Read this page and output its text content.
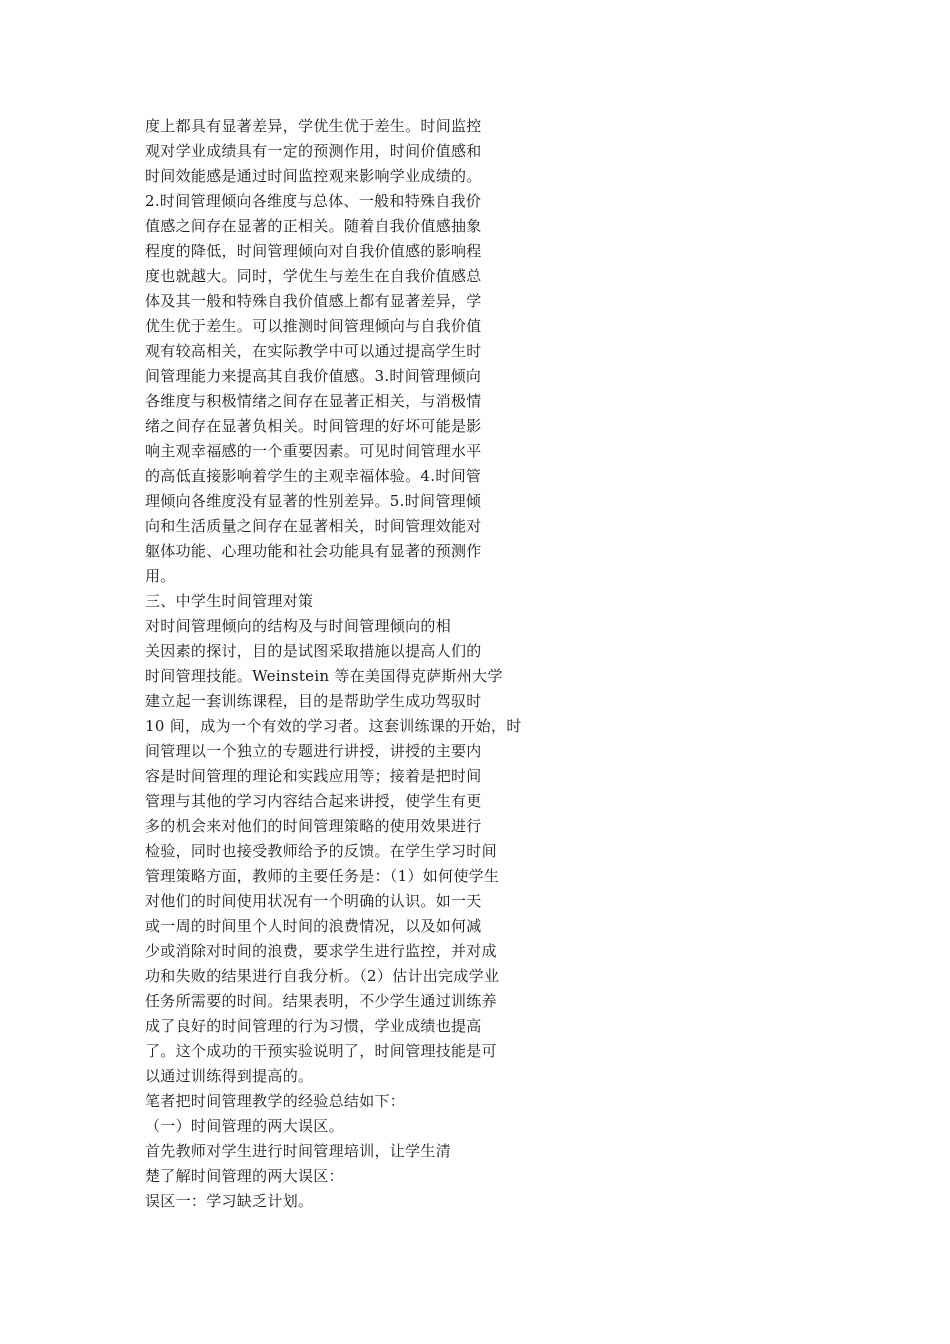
度上都具有显著差异，学优生优于差生。时间监控
观对学业成绩具有一定的预测作用，时间价值感和
时间效能感是通过时间监控观来影响学业成绩的。
2.时间管理倾向各维度与总体、一般和特殊自我价
值感之间存在显著的正相关。随着自我价值感抽象
程度的降低，时间管理倾向对自我价值感的影响程
度也就越大。同时，学优生与差生在自我价值感总
体及其一般和特殊自我价值感上都有显著差异，学
优生优于差生。可以推测时间管理倾向与自我价值
观有较高相关，在实际教学中可以通过提高学生时
间管理能力来提高其自我价值感。3.时间管理倾向
各维度与积极情绪之间存在显著正相关，与消极情
绪之间存在显著负相关。时间管理的好坏可能是影
响主观幸福感的一个重要因素。可见时间管理水平
的高低直接影响着学生的主观幸福体验。4.时间管
理倾向各维度没有显著的性别差异。5.时间管理倾
向和生活质量之间存在显著相关，时间管理效能对
躯体功能、心理功能和社会功能具有显著的预测作
用。
三、中学生时间管理对策
对时间管理倾向的结构及与时间管理倾向的相
关因素的探讨，目的是试图采取措施以提高人们的
时间管理技能。Weinstein 等在美国得克萨斯州大学
建立起一套训练课程，目的是帮助学生成功驾驭时
10 间，成为一个有效的学习者。这套训练课的开始，时
间管理以一个独立的专题进行讲授，讲授的主要内
容是时间管理的理论和实践应用等；接着是把时间
管理与其他的学习内容结合起来讲授，使学生有更
多的机会来对他们的时间管理策略的使用效果进行
检验，同时也接受教师给予的反馈。在学生学习时间
管理策略方面，教师的主要任务是：（1）如何使学生
对他们的时间使用状况有一个明确的认识。如一天
或一周的时间里个人时间的浪费情况，以及如何减
少或消除对时间的浪费，要求学生进行监控，并对成
功和失败的结果进行自我分析。（2）估计出完成学业
任务所需要的时间。结果表明，不少学生通过训练养
成了良好的时间管理的行为习惯，学业成绩也提高
了。这个成功的干预实验说明了，时间管理技能是可
以通过训练得到提高的。
笔者把时间管理教学的经验总结如下：
（一）时间管理的两大误区。
首先教师对学生进行时间管理培训，让学生清
楚了解时间管理的两大误区：
误区一：学习缺乏计划。
